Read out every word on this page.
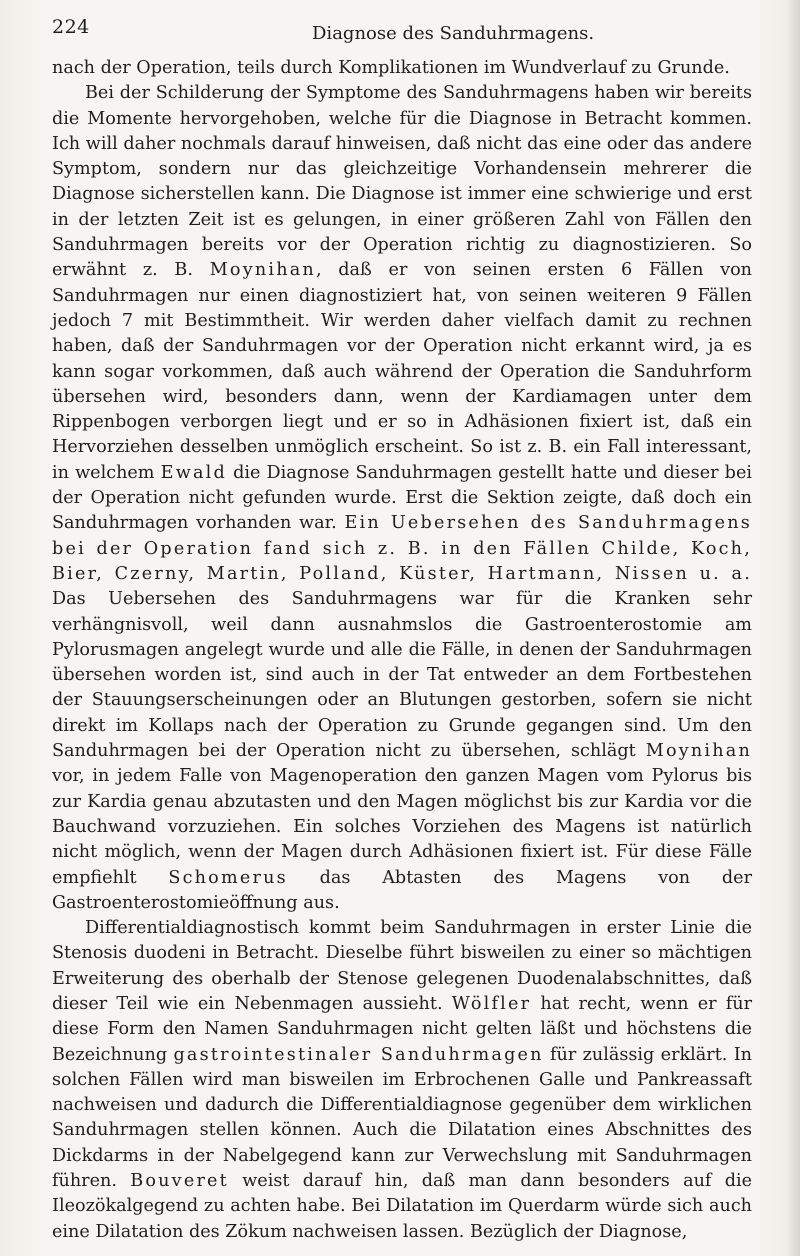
224	Diagnose des Sanduhrmagens.

nach der Operation, teils durch Komplikationen im Wundverlauf zu Grunde.

Bei der Schilderung der Symptome des Sanduhrmagens haben wir bereits die Momente hervorgehoben, welche für die Diagnose in Betracht kommen. Ich will daher nochmals darauf hinweisen, daß nicht das eine oder das andere Symptom, sondern nur das gleichzeitige Vorhandensein mehrerer die Diagnose sicherstellen kann. Die Diagnose ist immer eine schwierige und erst in der letzten Zeit ist es gelungen, in einer größeren Zahl von Fällen den Sanduhrmagen bereits vor der Operation richtig zu diagnostizieren. So erwähnt z. B. Moynihan, daß er von seinen ersten 6 Fällen von Sanduhrmagen nur einen diagnostiziert hat, von seinen weiteren 9 Fällen jedoch 7 mit Bestimmtheit. Wir werden daher vielfach damit zu rechnen haben, daß der Sanduhrmagen vor der Operation nicht erkannt wird, ja es kann sogar vorkommen, daß auch während der Operation die Sanduhrform übersehen wird, besonders dann, wenn der Kardiamagen unter dem Rippenbogen verborgen liegt und er so in Adhäsionen fixiert ist, daß ein Hervorziehen desselben unmöglich erscheint. So ist z. B. ein Fall interessant, in welchem Ewald die Diagnose Sanduhrmagen gestellt hatte und dieser bei der Operation nicht gefunden wurde. Erst die Sektion zeigte, daß doch ein Sanduhrmagen vorhanden war. Ein Uebersehen des Sanduhrmagens bei der Operation fand sich z. B. in den Fällen Childe, Koch, Bier, Czerny, Martin, Polland, Küster, Hartmann, Nissen u. a. Das Uebersehen des Sanduhrmagens war für die Kranken sehr verhängnisvoll, weil dann ausnahmslos die Gastroenterostomie am Pylorusmagen angelegt wurde und alle die Fälle, in denen der Sanduhrmagen übersehen worden ist, sind auch in der Tat entweder an dem Fortbestehen der Stauungserscheinungen oder an Blutungen gestorben, sofern sie nicht direkt im Kollaps nach der Operation zu Grunde gegangen sind. Um den Sanduhrmagen bei der Operation nicht zu übersehen, schlägt Moynihan vor, in jedem Falle von Magenoperation den ganzen Magen vom Pylorus bis zur Kardia genau abzutasten und den Magen möglichst bis zur Kardia vor die Bauchwand vorzuziehen. Ein solches Vorziehen des Magens ist natürlich nicht möglich, wenn der Magen durch Adhäsionen fixiert ist. Für diese Fälle empfiehlt Schomerus das Abtasten des Magens von der Gastroenterostomieöffnung aus.

Differentialdiagnostisch kommt beim Sanduhrmagen in erster Linie die Stenosis duodeni in Betracht. Dieselbe führt bisweilen zu einer so mächtigen Erweiterung des oberhalb der Stenose gelegenen Duodenalabschnittes, daß dieser Teil wie ein Nebenmagen aussieht. Wölfler hat recht, wenn er für diese Form den Namen Sanduhrmagen nicht gelten läßt und höchstens die Bezeichnung gastrointestinaler Sanduhrmagen für zulässig erklärt. In solchen Fällen wird man bisweilen im Erbrochenen Galle und Pankreassaft nachweisen und dadurch die Differentialdiagnose gegenüber dem wirklichen Sanduhrmagen stellen können. Auch die Dilatation eines Abschnittes des Dickdarms in der Nabelgegend kann zur Verwechslung mit Sanduhrmagen führen. Bouveret weist darauf hin, daß man dann besonders auf die Ileozökalgegend zu achten habe. Bei Dilatation im Querdarm würde sich auch eine Dilatation des Zökum nachweisen lassen. Bezüglich der Diagnose,
